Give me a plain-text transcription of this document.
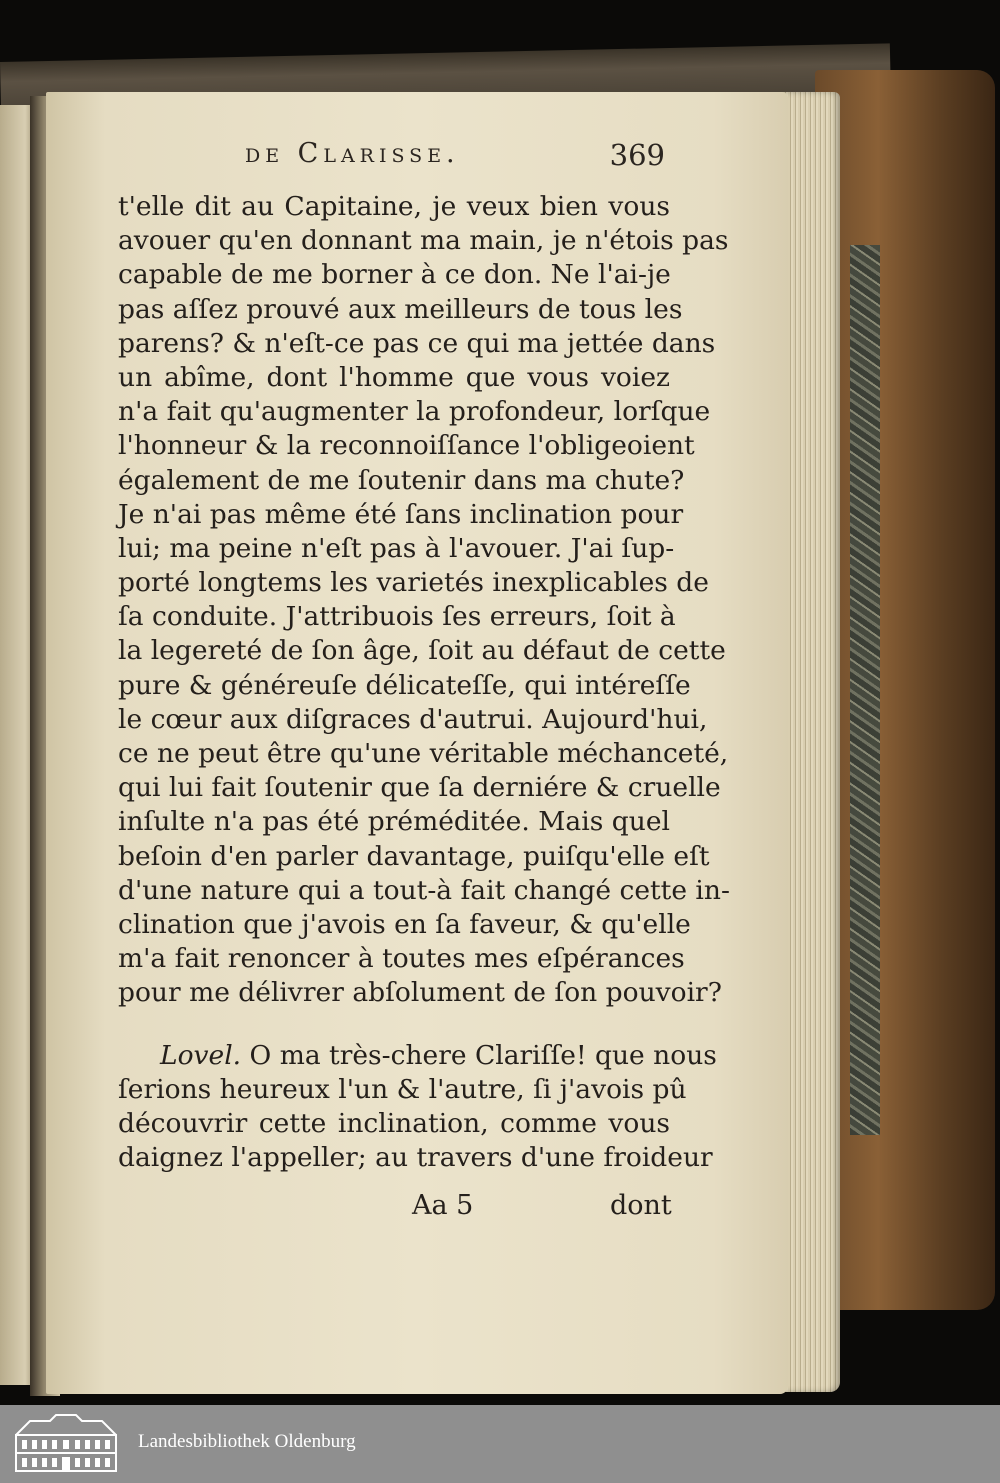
de Clarisse.	369
t'elle dit au Capitaine, je veux bien vous
avouer qu'en donnant ma main, je n'étois pas
capable de me borner à ce don. Ne l'ai-je
pas aſſez prouvé aux meilleurs de tous les
parens? & n'eſt-ce pas ce qui ma jettée dans
un abîme, dont l'homme que vous voiez
n'a fait qu'augmenter la profondeur, lorſque
l'honneur & la reconnoiſſance l'obligeoient
également de me ſoutenir dans ma chute?
Je n'ai pas même été ſans inclination pour
lui; ma peine n'eſt pas à l'avouer. J'ai ſup-
porté longtems les varietés inexplicables de
ſa conduite. J'attribuois ſes erreurs, ſoit à
la legereté de ſon âge, ſoit au défaut de cette
pure & généreuſe délicateſſe, qui intéreſſe
le cœur aux diſgraces d'autrui. Aujourd'hui,
ce ne peut être qu'une véritable méchanceté,
qui lui fait ſoutenir que ſa derniére & cruelle
inſulte n'a pas été préméditée. Mais quel
beſoin d'en parler davantage, puiſqu'elle eſt
d'une nature qui a tout-à fait changé cette in-
clination que j'avois en ſa faveur, & qu'elle
m'a fait renoncer à toutes mes eſpérances
pour me délivrer abſolument de ſon pouvoir?
Lovel. O ma très-chere Clariſſe! que nous
ſerions heureux l'un & l'autre, ſi j'avois pû
découvrir cette inclination, comme vous
daignez l'appeller; au travers d'une froideur
Aa 5	dont
Landesbibliothek Oldenburg
